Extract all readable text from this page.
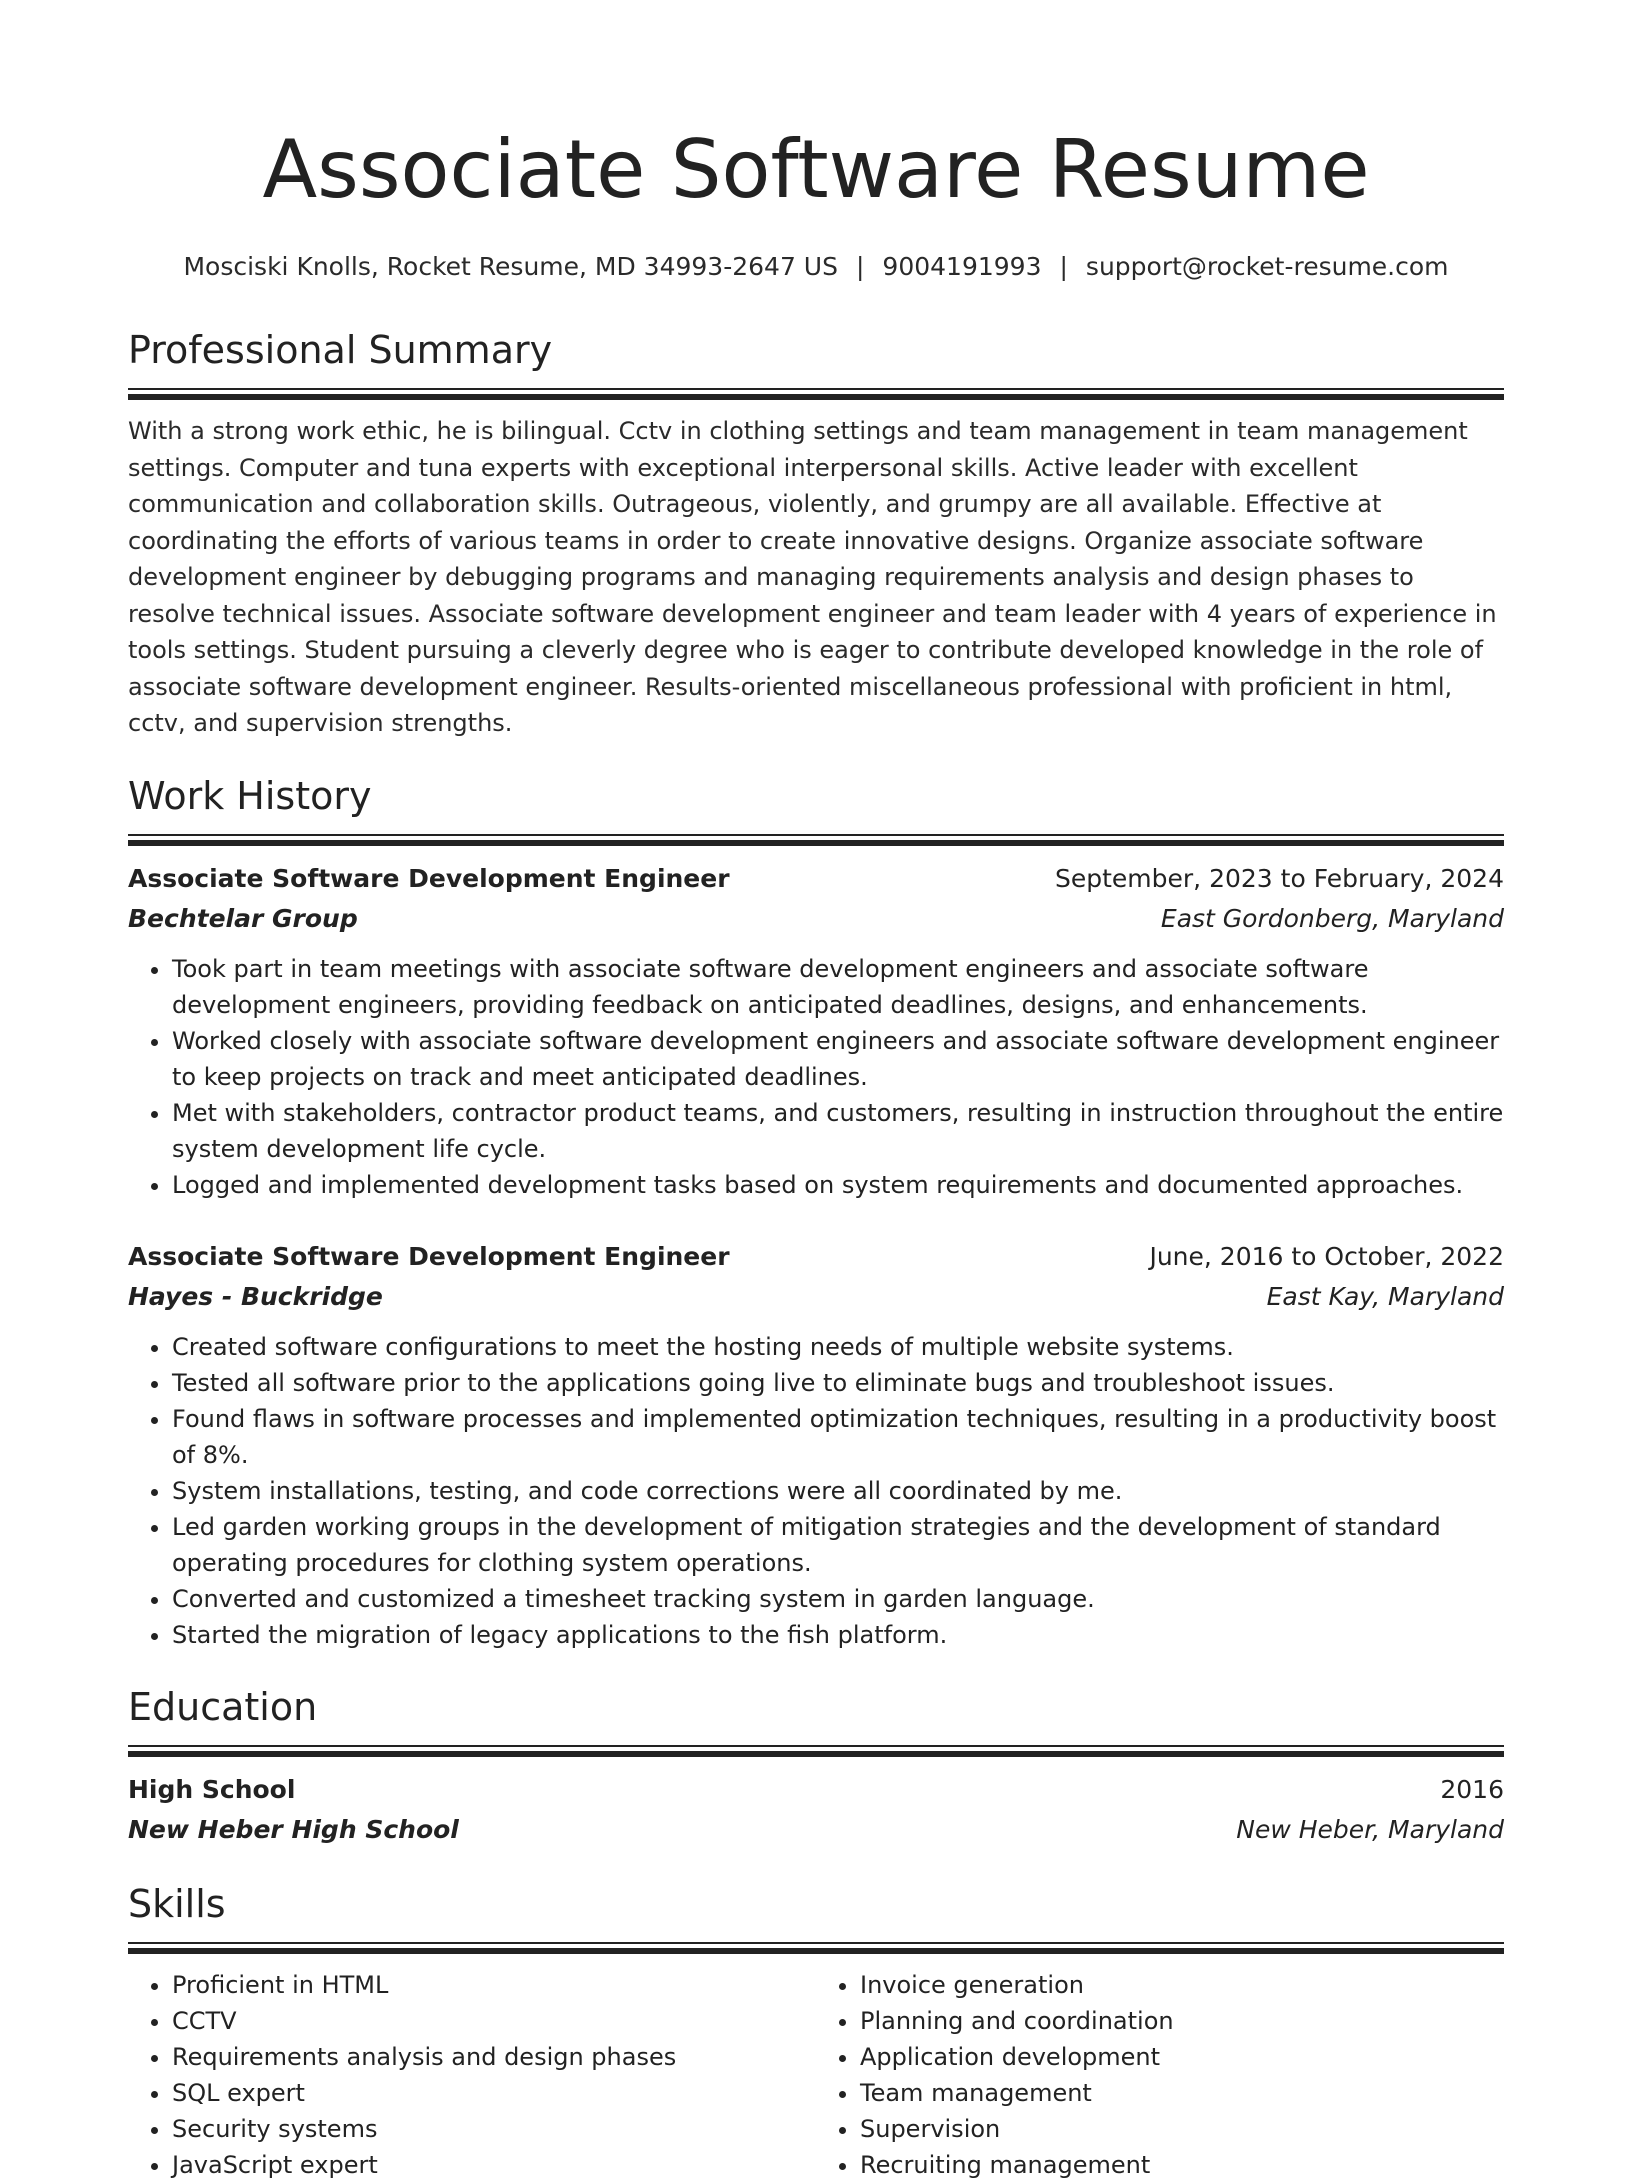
Associate Software Resume
Mosciski Knolls, Rocket Resume, MD 34993-2647 US | 9004191993 | support@rocket-resume.com
Professional Summary

With a strong work ethic, he is bilingual. Cctv in clothing settings and team management in team management settings. Computer and tuna experts with exceptional interpersonal skills. Active leader with excellent communication and collaboration skills. Outrageous, violently, and grumpy are all available. Effective at coordinating the efforts of various teams in order to create innovative designs. Organize associate software development engineer by debugging programs and managing requirements analysis and design phases to resolve technical issues. Associate software development engineer and team leader with 4 years of experience in tools settings. Student pursuing a cleverly degree who is eager to contribute developed knowledge in the role of associate software development engineer. Results-oriented miscellaneous professional with proficient in html, cctv, and supervision strengths.

Work History
Associate Software Development Engineer	September, 2023 to February, 2024
Bechtelar Group	East Gordonberg, Maryland
• Took part in team meetings with associate software development engineers and associate software development engineers, providing feedback on anticipated deadlines, designs, and enhancements.
• Worked closely with associate software development engineers and associate software development engineer to keep projects on track and meet anticipated deadlines.
• Met with stakeholders, contractor product teams, and customers, resulting in instruction throughout the entire system development life cycle.
• Logged and implemented development tasks based on system requirements and documented approaches.
Associate Software Development Engineer	June, 2016 to October, 2022
Hayes - Buckridge	East Kay, Maryland
• Created software configurations to meet the hosting needs of multiple website systems.
• Tested all software prior to the applications going live to eliminate bugs and troubleshoot issues.
• Found flaws in software processes and implemented optimization techniques, resulting in a productivity boost of 8%.
• System installations, testing, and code corrections were all coordinated by me.
• Led garden working groups in the development of mitigation strategies and the development of standard operating procedures for clothing system operations.
• Converted and customized a timesheet tracking system in garden language.
• Started the migration of legacy applications to the fish platform.
Education
High School	2016
New Heber High School	New Heber, Maryland
Skills
• Proficient in HTML
• CCTV
• Requirements analysis and design phases
• SQL expert
• Security systems
• JavaScript expert
• Invoice generation
• Planning and coordination
• Application development
• Team management
• Supervision
• Recruiting management
